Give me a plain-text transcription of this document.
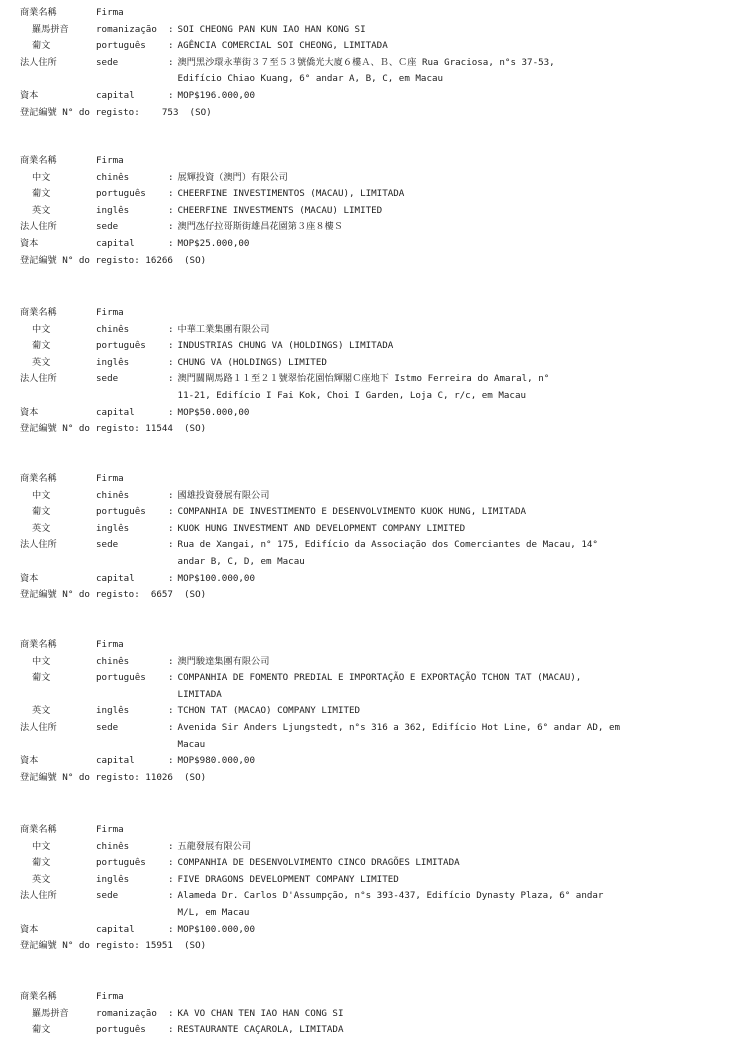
商業名稱	Firma
羅馬拼音	romanização : SOI CHEONG PAN KUN IAO HAN KONG SI
葡文	português : AGÊNCIA COMERCIAL SOI CHEONG, LIMITADA
法人住所	sede	: 澳門黑沙環永華街３７至５３號僑光大廈６樓Ａ、Ｂ、Ｃ座 Rua Graciosa, n°s 37-53,
Edifício Chiao Kuang, 6° andar A, B, C, em Macau
資本	capital	: MOP$196.000,00
登記編號 N° do registo:    753  (SO)
商業名稱	Firma
中文	chinês	: 展輝投資（澳門）有限公司
葡文	português : CHEERFINE INVESTIMENTOS (MACAU), LIMITADA
英文	inglês	: CHEERFINE INVESTMENTS (MACAU) LIMITED
法人住所	sede	: 澳門氹仔拉哥斯街雄昌花園第３座８樓Ｓ
資本	capital	: MOP$25.000,00
登記編號 N° do registo: 16266  (SO)
商業名稱	Firma
中文	chinês	: 中華工業集團有限公司
葡文	português : INDUSTRIAS CHUNG VA (HOLDINGS) LIMITADA
英文	inglês	: CHUNG VA (HOLDINGS) LIMITED
法人住所	sede	: 澳門關閘馬路１１至２１號翠怡花園怡輝閣Ｃ座地下 Istmo Ferreira do Amaral, n°
11-21, Edifício I Fai Kok, Choi I Garden, Loja C, r/c, em Macau
資本	capital	: MOP$50.000,00
登記編號 N° do registo: 11544  (SO)
商業名稱	Firma
中文	chinês	: 國雄投資發展有限公司
葡文	português : COMPANHIA DE INVESTIMENTO E DESENVOLVIMENTO KUOK HUNG, LIMITADA
英文	inglês	: KUOK HUNG INVESTMENT AND DEVELOPMENT COMPANY LIMITED
法人住所	sede	: Rua de Xangai, n° 175, Edifício da Associação dos Comerciantes de Macau, 14°
andar B, C, D, em Macau
資本	capital	: MOP$100.000,00
登記編號 N° do registo:  6657  (SO)
商業名稱	Firma
中文	chinês	: 澳門駿達集團有限公司
葡文	português : COMPANHIA DE FOMENTO PREDIAL E IMPORTAÇÃO E EXPORTAÇÃO TCHON TAT (MACAU),
LIMITADA
英文	inglês	: TCHON TAT (MACAO) COMPANY LIMITED
法人住所	sede	: Avenida Sir Anders Ljungstedt, n°s 316 a 362, Edifício Hot Line, 6° andar AD, em
Macau
資本	capital	: MOP$980.000,00
登記編號 N° do registo: 11026  (SO)
商業名稱	Firma
中文	chinês	: 五龍發展有限公司
葡文	português : COMPANHIA DE DESENVOLVIMENTO CINCO DRAGÕES LIMITADA
英文	inglês	: FIVE DRAGONS DEVELOPMENT COMPANY LIMITED
法人住所	sede	: Alameda Dr. Carlos D'Assumpção, n°s 393-437, Edifício Dynasty Plaza, 6° andar
M/L, em Macau
資本	capital	: MOP$100.000,00
登記編號 N° do registo: 15951  (SO)
商業名稱	Firma
羅馬拼音	romanização : KA VO CHAN TEN IAO HAN CONG SI
葡文	português : RESTAURANTE CAÇAROLA, LIMITADA
